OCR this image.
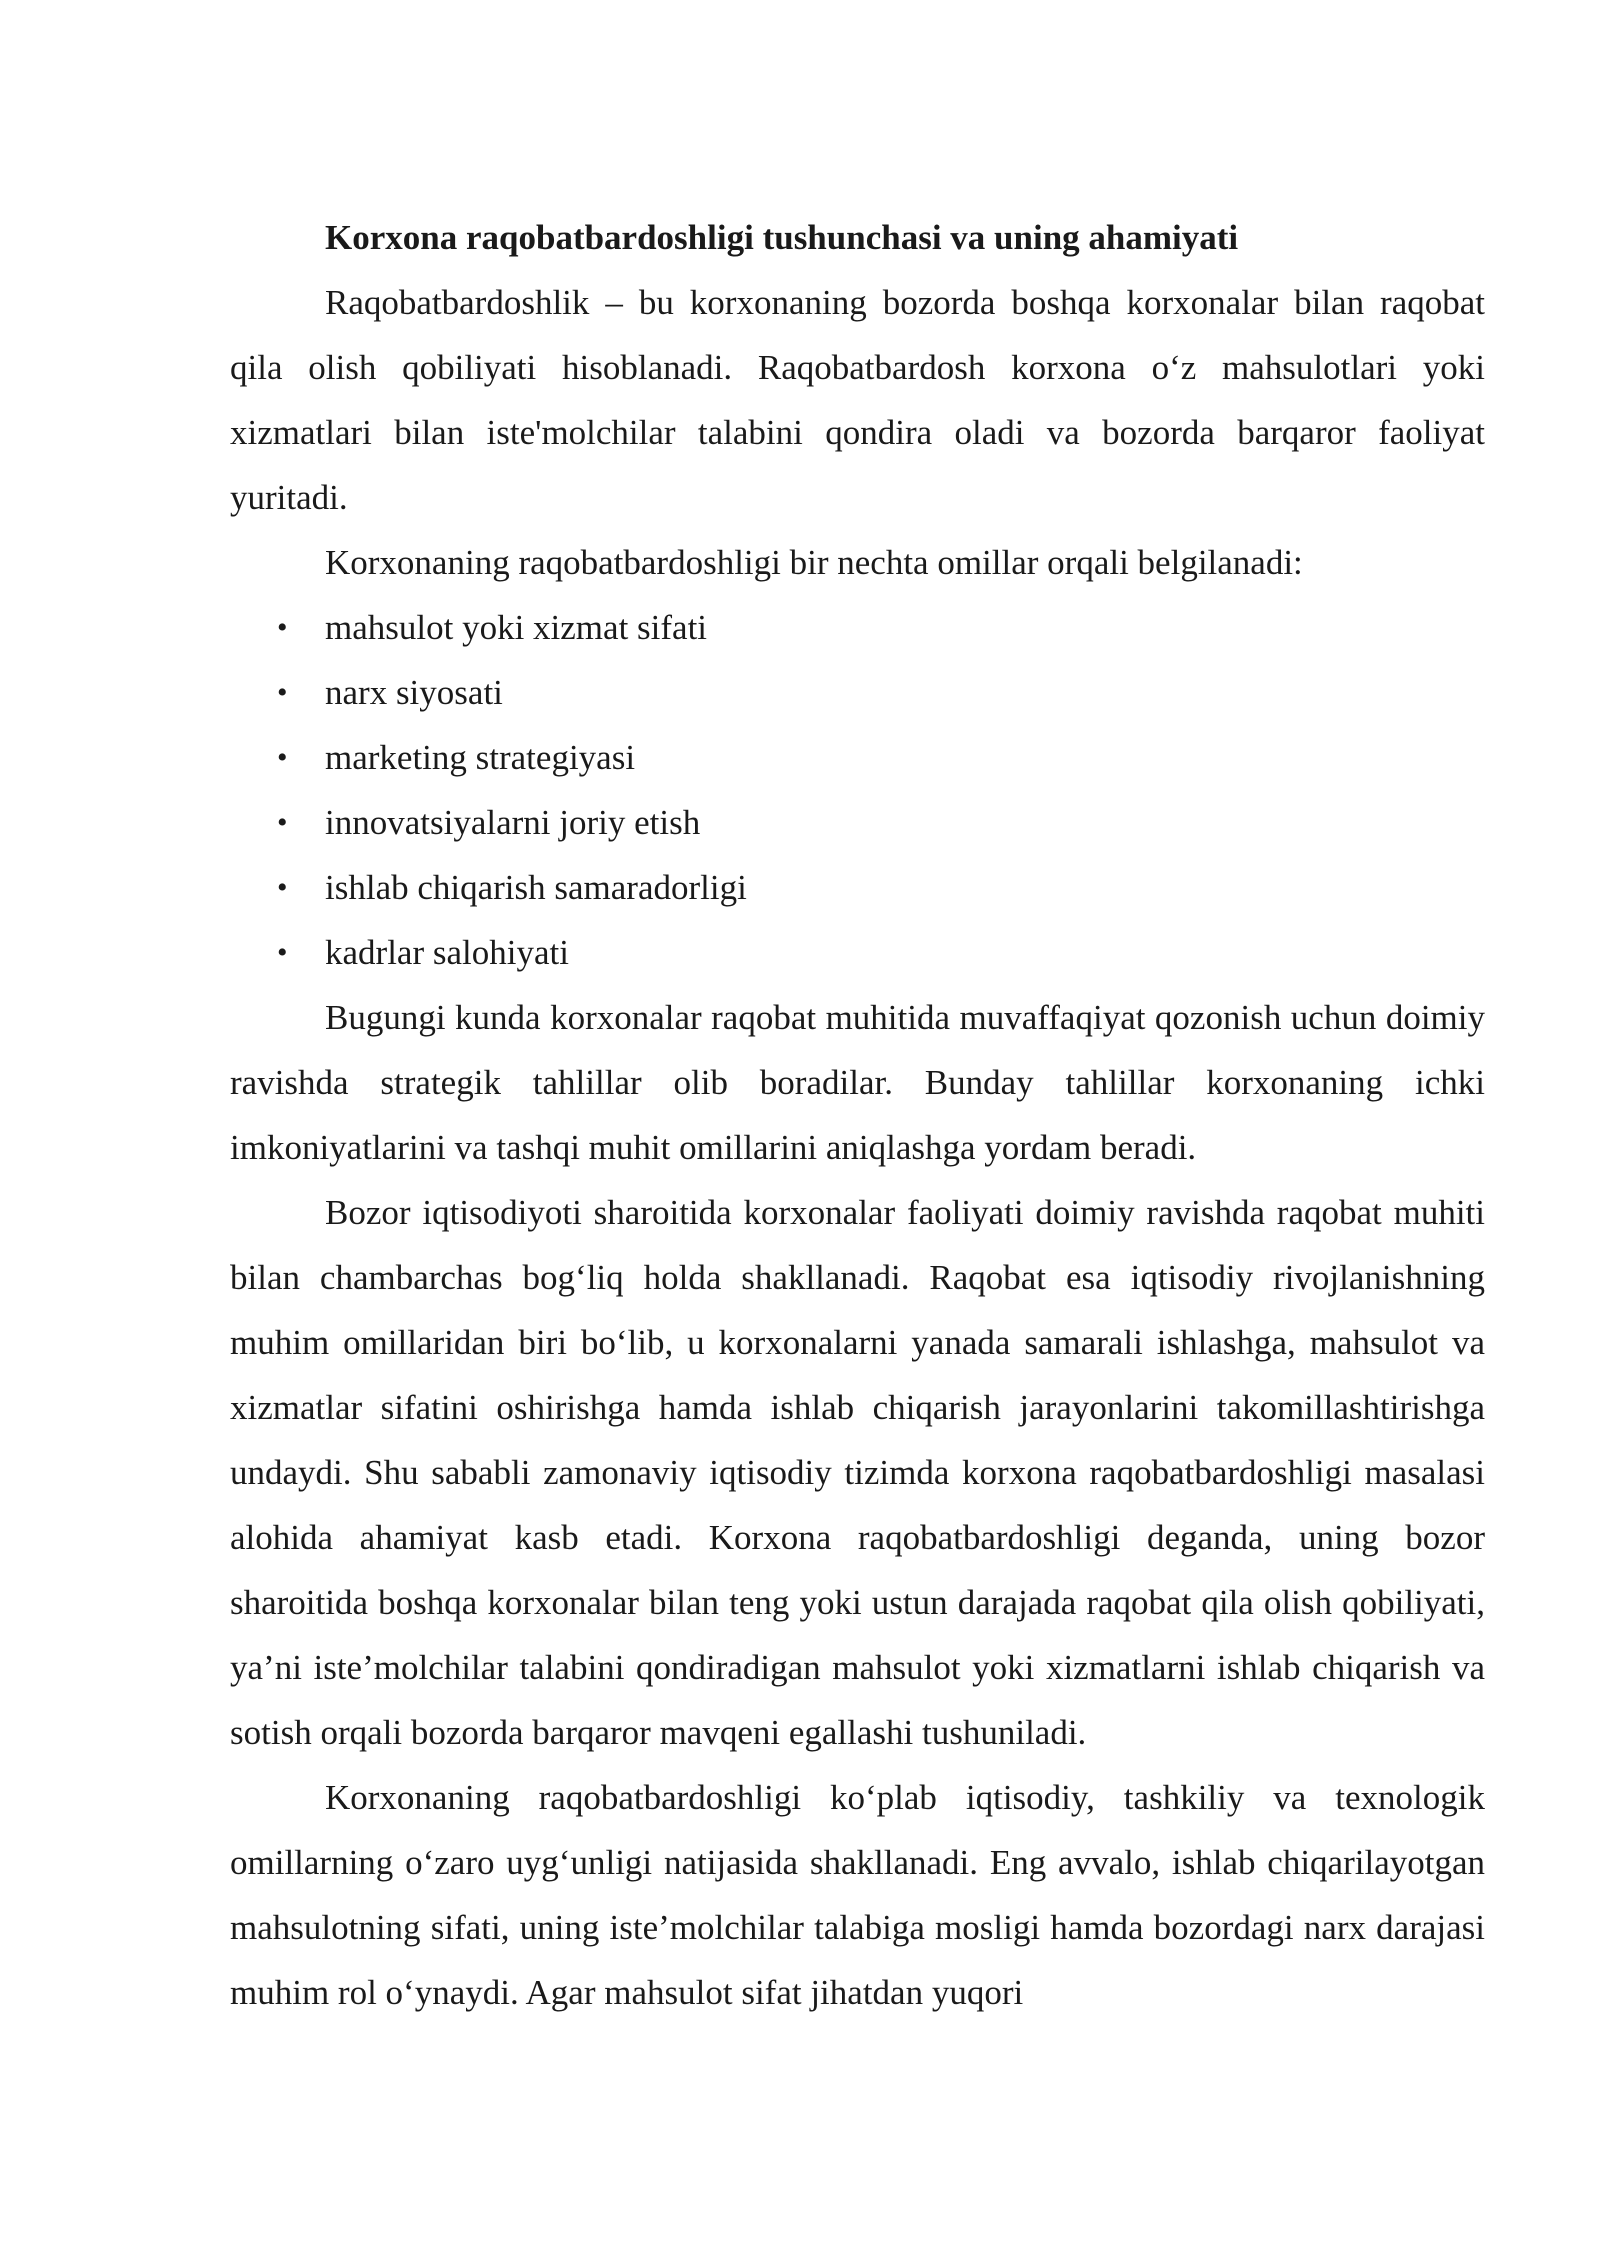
Korxona raqobatbardoshligi tushunchasi va uning ahamiyati

Raqobatbardoshlik – bu korxonaning bozorda boshqa korxonalar bilan raqobat qila olish qobiliyati hisoblanadi. Raqobatbardosh korxona o‘z mahsulotlari yoki xizmatlari bilan iste'molchilar talabini qondira oladi va bozorda barqaror faoliyat yuritadi.

Korxonaning raqobatbardoshligi bir nechta omillar orqali belgilanadi:

• mahsulot yoki xizmat sifati
• narx siyosati
• marketing strategiyasi
• innovatsiyalarni joriy etish
• ishlab chiqarish samaradorligi
• kadrlar salohiyati

Bugungi kunda korxonalar raqobat muhitida muvaffaqiyat qozonish uchun doimiy ravishda strategik tahlillar olib boradilar. Bunday tahlillar korxonaning ichki imkoniyatlarini va tashqi muhit omillarini aniqlashga yordam beradi.

Bozor iqtisodiyoti sharoitida korxonalar faoliyati doimiy ravishda raqobat muhiti bilan chambarchas bog‘liq holda shakllanadi. Raqobat esa iqtisodiy rivojlanishning muhim omillaridan biri bo‘lib, u korxonalarni yanada samarali ishlashga, mahsulot va xizmatlar sifatini oshirishga hamda ishlab chiqarish jarayonlarini takomillashtirishga undaydi. Shu sababli zamonaviy iqtisodiy tizimda korxona raqobatbardoshligi masalasi alohida ahamiyat kasb etadi. Korxona raqobatbardoshligi deganda, uning bozor sharoitida boshqa korxonalar bilan teng yoki ustun darajada raqobat qila olish qobiliyati, ya’ni iste’molchilar talabini qondiradigan mahsulot yoki xizmatlarni ishlab chiqarish va sotish orqali bozorda barqaror mavqeni egallashi tushuniladi.

Korxonaning raqobatbardoshligi ko‘plab iqtisodiy, tashkiliy va texnologik omillarning o‘zaro uyg‘unligi natijasida shakllanadi. Eng avvalo, ishlab chiqarilayotgan mahsulotning sifati, uning iste’molchilar talabiga mosligi hamda bozordagi narx darajasi muhim rol o‘ynaydi. Agar mahsulot sifat jihatdan yuqori
